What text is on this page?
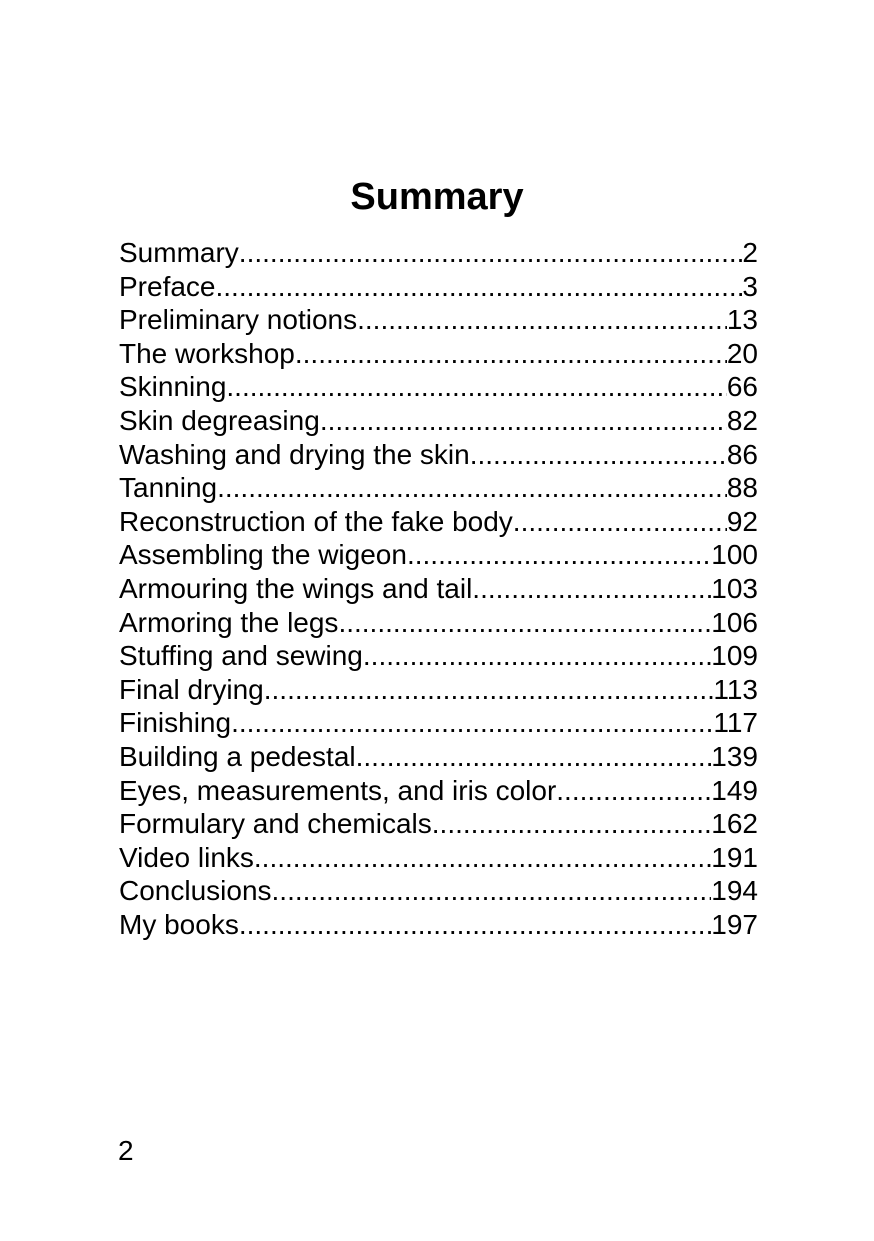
Summary
Summary .....	2
Preface .....	3
Preliminary notions .....	13
The workshop .....	20
Skinning .....	66
Skin degreasing .....	82
Washing and drying the skin .....	86
Tanning .....	88
Reconstruction of the fake body .....	92
Assembling the wigeon .....	100
Armouring the wings and tail .....	103
Armoring the legs .....	106
Stuffing and sewing .....	109
Final drying .....	113
Finishing .....	117
Building a pedestal .....	139
Eyes, measurements, and iris color .....	149
Formulary and chemicals .....	162
Video links .....	191
Conclusions .....	194
My books .....	197
2
